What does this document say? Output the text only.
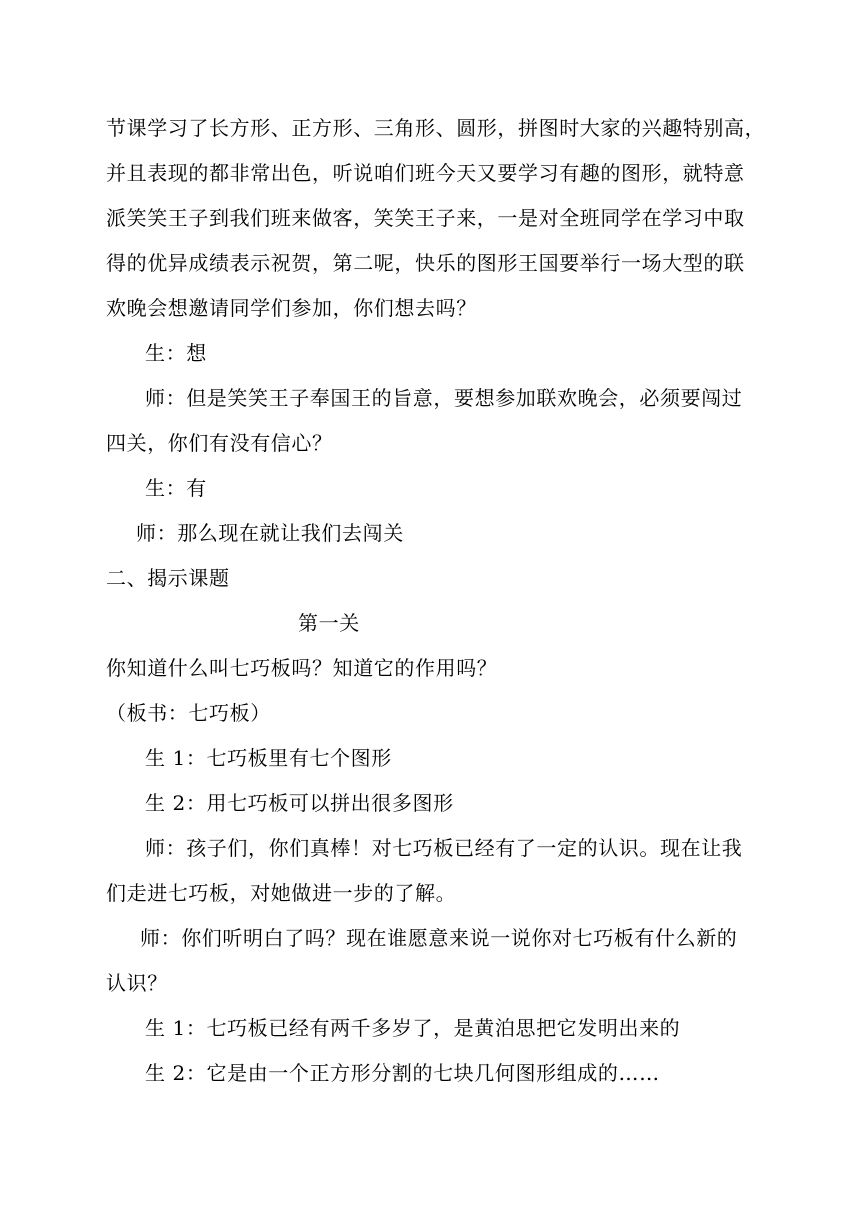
节课学习了长方形、正方形、三角形、圆形，拼图时大家的兴趣特别高，
并且表现的都非常出色，听说咱们班今天又要学习有趣的图形，就特意
派笑笑王子到我们班来做客，笑笑王子来，一是对全班同学在学习中取
得的优异成绩表示祝贺，第二呢，快乐的图形王国要举行一场大型的联
欢晚会想邀请同学们参加，你们想去吗？
生：想
师：但是笑笑王子奉国王的旨意，要想参加联欢晚会，必须要闯过
四关，你们有没有信心？
生：有
师：那么现在就让我们去闯关
二、揭示课题
第一关
你知道什么叫七巧板吗？知道它的作用吗？
（板书：七巧板）
生 1：七巧板里有七个图形
生 2：用七巧板可以拼出很多图形
师：孩子们，你们真棒！对七巧板已经有了一定的认识。现在让我
们走进七巧板，对她做进一步的了解。
师：你们听明白了吗？现在谁愿意来说一说你对七巧板有什么新的
认识？
生 1：七巧板已经有两千多岁了，是黄泊思把它发明出来的
生 2：它是由一个正方形分割的七块几何图形组成的……
